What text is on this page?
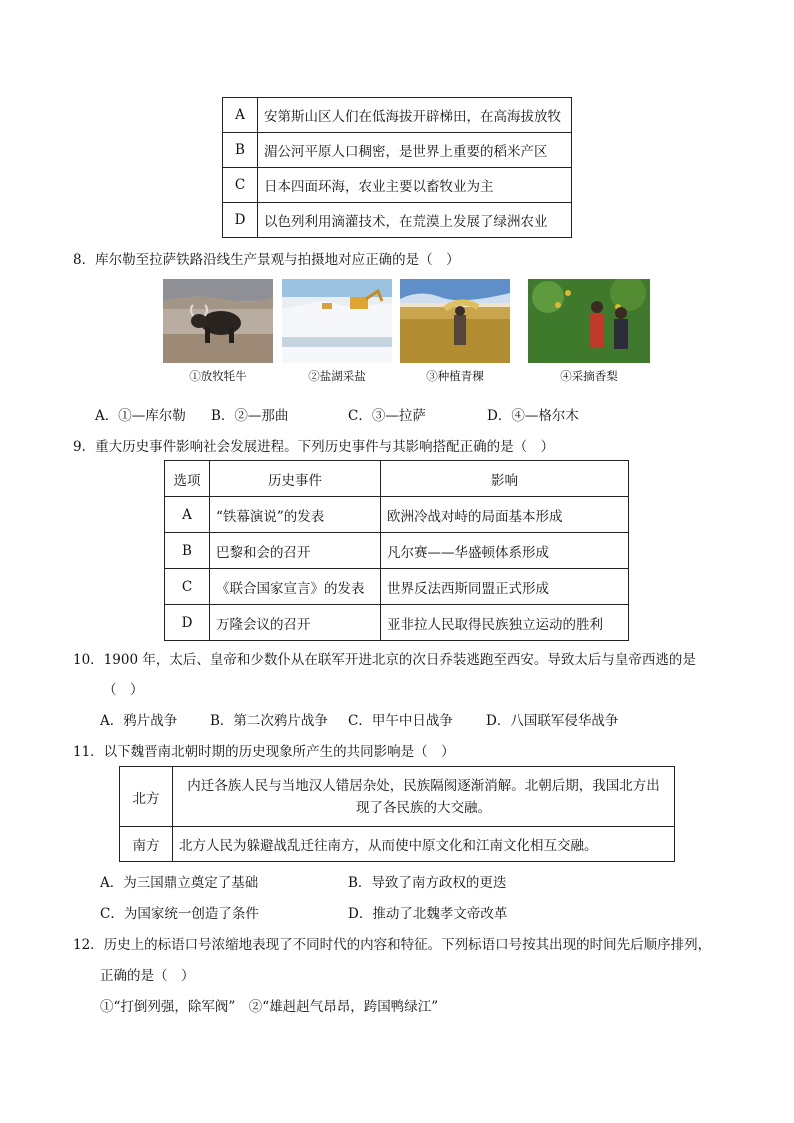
A	安第斯山区人们在低海拔开辟梯田，在高海拔放牧
B	湄公河平原人口稠密，是世界上重要的稻米产区
C	日本四面环海，农业主要以畜牧业为主
D	以色列利用滴灌技术，在荒漠上发展了绿洲农业
8．库尔勒至拉萨铁路沿线生产景观与拍摄地对应正确的是（　）
①放牧牦牛	②盐湖采盐	③种植青稞	④采摘香梨
A．①—库尔勒 B．②—那曲	C．③—拉萨	D．④—格尔木
9．重大历史事件影响社会发展进程。下列历史事件与其影响搭配正确的是（　）
选项	历史事件	影响
A	“铁幕演说”的发表	欧洲冷战对峙的局面基本形成
B	巴黎和会的召开	凡尔赛——华盛顿体系形成
C	《联合国家宣言》的发表	世界反法西斯同盟正式形成
D	万隆会议的召开	亚非拉人民取得民族独立运动的胜利
10．1900 年，太后、皇帝和少数仆从在联军开进北京的次日乔装逃跑至西安。导致太后与皇帝西逃的是
（　）
A．鸦片战争 B．第二次鸦片战争 C．甲午中日战争 D．八国联军侵华战争
11．以下魏晋南北朝时期的历史现象所产生的共同影响是（　）
北方	内迁各族人民与当地汉人错居杂处，民族隔阂逐渐消解。北朝后期，我国北方出
现了各民族的大交融。
南方	北方人民为躲避战乱迁往南方，从而使中原文化和江南文化相互交融。
A．为三国鼎立奠定了基础	B．导致了南方政权的更迭
C．为国家统一创造了条件	D．推动了北魏孝文帝改革
12．历史上的标语口号浓缩地表现了不同时代的内容和特征。下列标语口号按其出现的时间先后顺序排列，
正确的是（　）
①“打倒列强，除军阀”　②“雄赳赳气昂昂，跨国鸭绿江”
